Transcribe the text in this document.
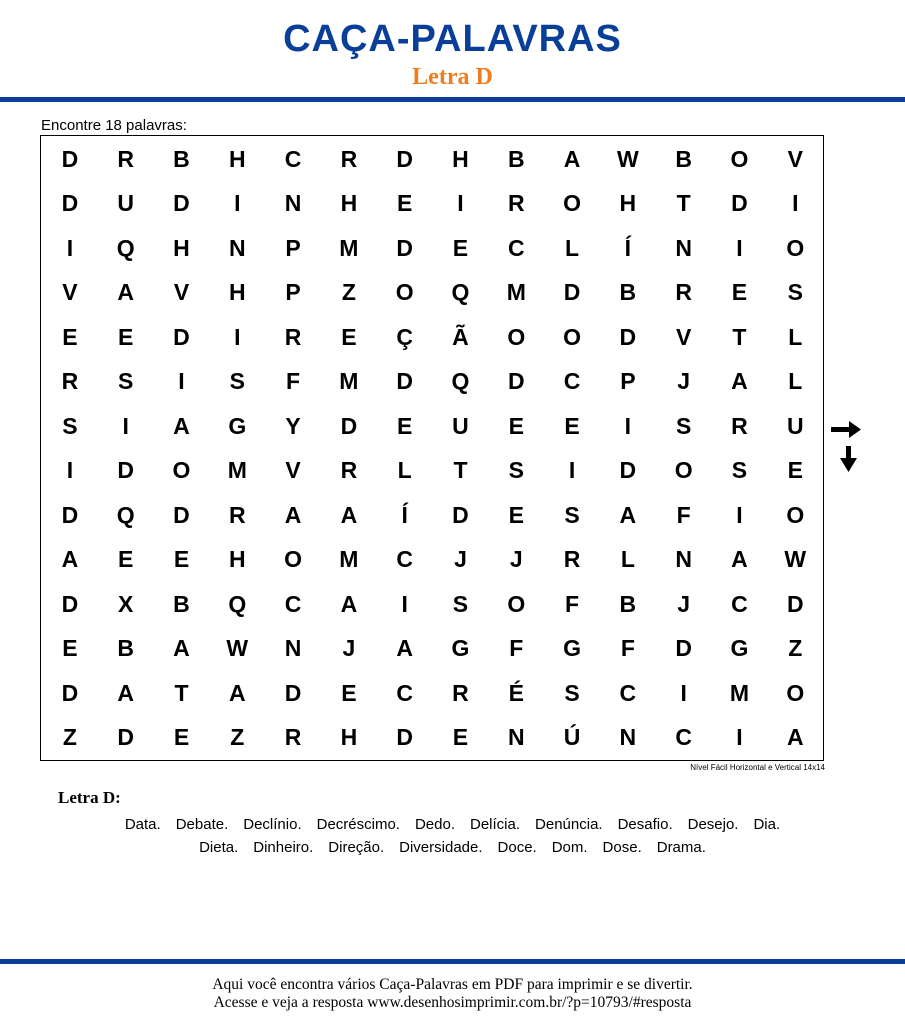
CAÇA-PALAVRAS
Letra D
Encontre 18 palavras:
D	R	B	H	C	R	D	H	B	A	W	B	O	V
D	U	D	I	N	H	E	I	R	O	H	T	D	I
I	Q	H	N	P	M	D	E	C	L	Í	N	I	O
V	A	V	H	P	Z	O	Q	M	D	B	R	E	S
E	E	D	I	R	E	Ç	Ã	O	O	D	V	T	L
R	S	I	S	F	M	D	Q	D	C	P	J	A	L
S	I	A	G	Y	D	E	U	E	E	I	S	R	U
I	D	O	M	V	R	L	T	S	I	D	O	S	E
D	Q	D	R	A	A	Í	D	E	S	A	F	I	O
A	E	E	H	O	M	C	J	J	R	L	N	A	W
D	X	B	Q	C	A	I	S	O	F	B	J	C	D
E	B	A	W	N	J	A	G	F	G	F	D	G	Z
D	A	T	A	D	E	C	R	É	S	C	I	M	O
Z	D	E	Z	R	H	D	E	N	Ú	N	C	I	A
Nível Fácil Horizontal e Vertical 14x14
Letra D:
Data. Debate. Declínio. Decréscimo. Dedo. Delícia. Denúncia. Desafio. Desejo. Dia.
Dieta. Dinheiro. Direção. Diversidade. Doce. Dom. Dose. Drama.
Aqui você encontra vários Caça-Palavras em PDF para imprimir e se divertir.
Acesse e veja a resposta www.desenhosimprimir.com.br/?p=10793/#resposta
